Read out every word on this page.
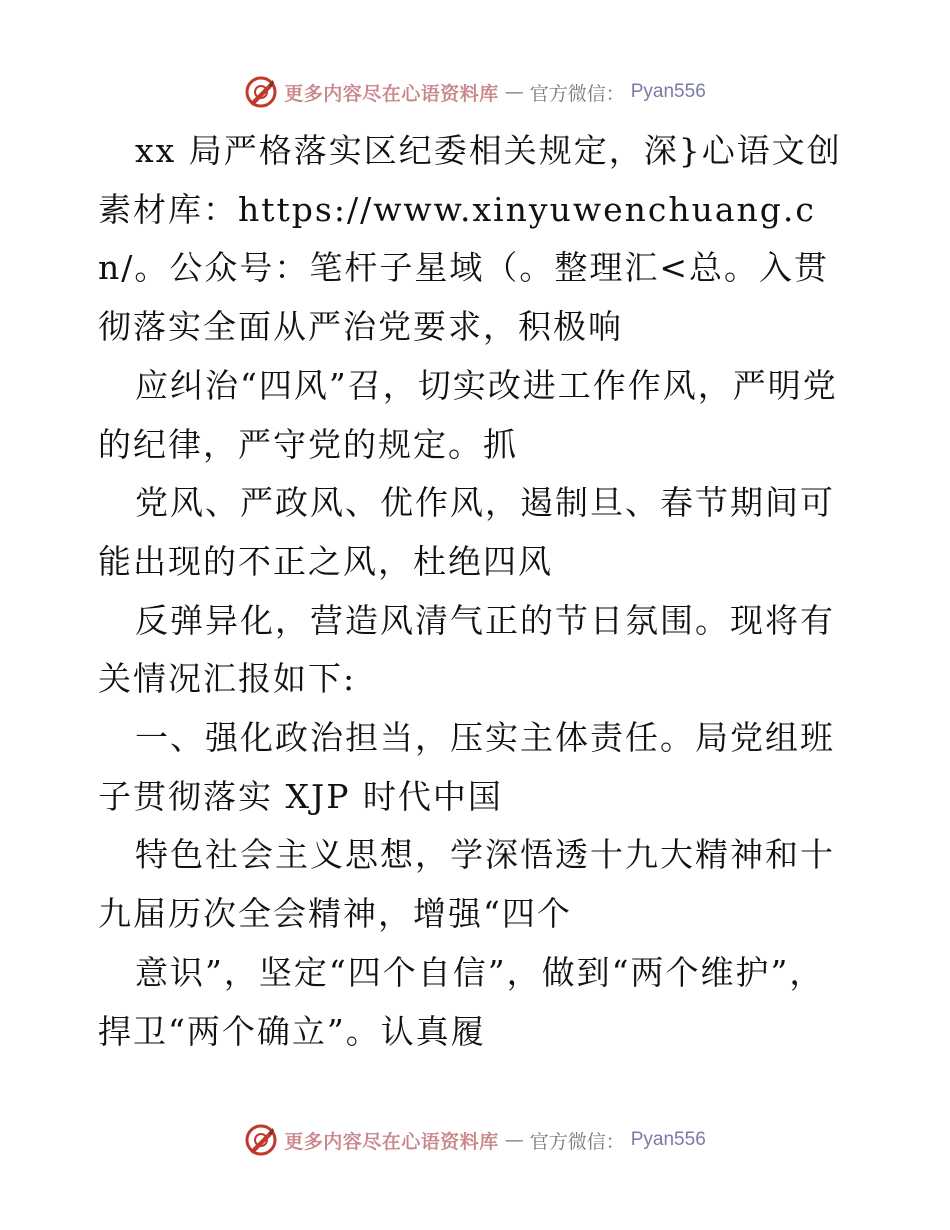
更多内容尽在心语资料库 — 官方微信： Pyan556

xx 局严格落实区纪委相关规定，深}心语文创素材库：https://www.xinyuwenchuang.cn/。公众号：笔杆子星域（。整理汇<总。入贯彻落实全面从严治党要求，积极响

应纠治“四风”召，切实改进工作作风，严明党的纪律，严守党的规定。抓

党风、严政风、优作风，遏制旦、春节期间可能出现的不正之风，杜绝四风

反弹异化，营造风清气正的节日氛围。现将有关情况汇报如下:

一、强化政治担当，压实主体责任。局党组班子贯彻落实 XJP 时代中国

特色社会主义思想，学深悟透十九大精神和十九届历次全会精神，增强“四个

意识”，坚定“四个自信”，做到“两个维护”，捍卫“两个确立”。认真履

更多内容尽在心语资料库 — 官方微信： Pyan556
